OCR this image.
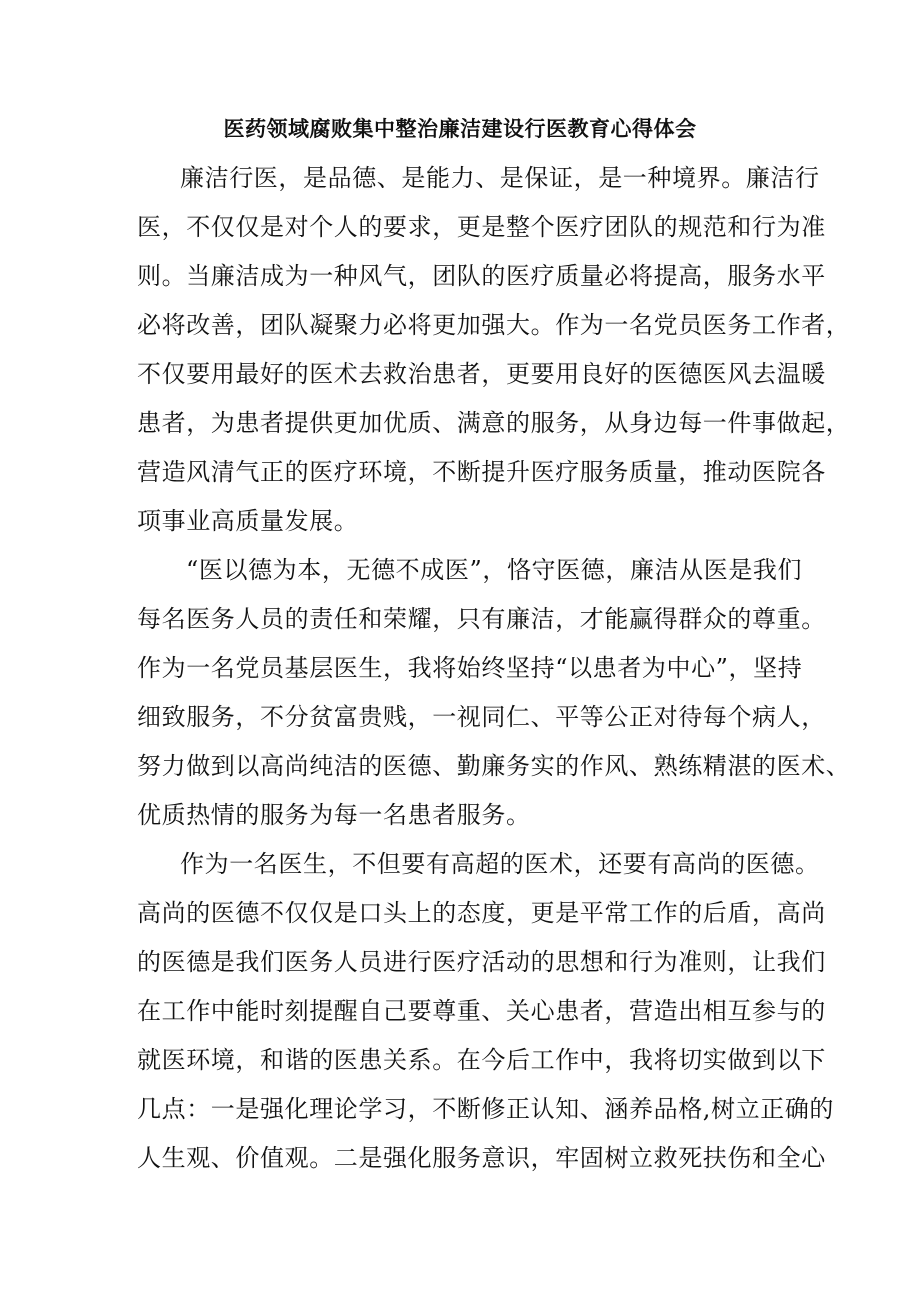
医药领域腐败集中整治廉洁建设行医教育心得体会
廉洁行医，是品德、是能力、是保证，是一种境界。廉洁行
医，不仅仅是对个人的要求，更是整个医疗团队的规范和行为准
则。当廉洁成为一种风气，团队的医疗质量必将提高，服务水平
必将改善，团队凝聚力必将更加强大。作为一名党员医务工作者，
不仅要用最好的医术去救治患者，更要用良好的医德医风去温暖
患者，为患者提供更加优质、满意的服务，从身边每一件事做起，
营造风清气正的医疗环境，不断提升医疗服务质量，推动医院各
项事业高质量发展。
“医以德为本，无德不成医”，恪守医德，廉洁从医是我们
每名医务人员的责任和荣耀，只有廉洁，才能赢得群众的尊重。
作为一名党员基层医生，我将始终坚持“以患者为中心”，坚持
细致服务，不分贫富贵贱，一视同仁、平等公正对待每个病人，
努力做到以高尚纯洁的医德、勤廉务实的作风、熟练精湛的医术、
优质热情的服务为每一名患者服务。
作为一名医生，不但要有高超的医术，还要有高尚的医德。
高尚的医德不仅仅是口头上的态度，更是平常工作的后盾，高尚
的医德是我们医务人员进行医疗活动的思想和行为准则，让我们
在工作中能时刻提醒自己要尊重、关心患者，营造出相互参与的
就医环境，和谐的医患关系。在今后工作中，我将切实做到以下
几点：一是强化理论学习，不断修正认知、涵养品格,树立正确的
人生观、价值观。二是强化服务意识，牢固树立救死扶伤和全心
